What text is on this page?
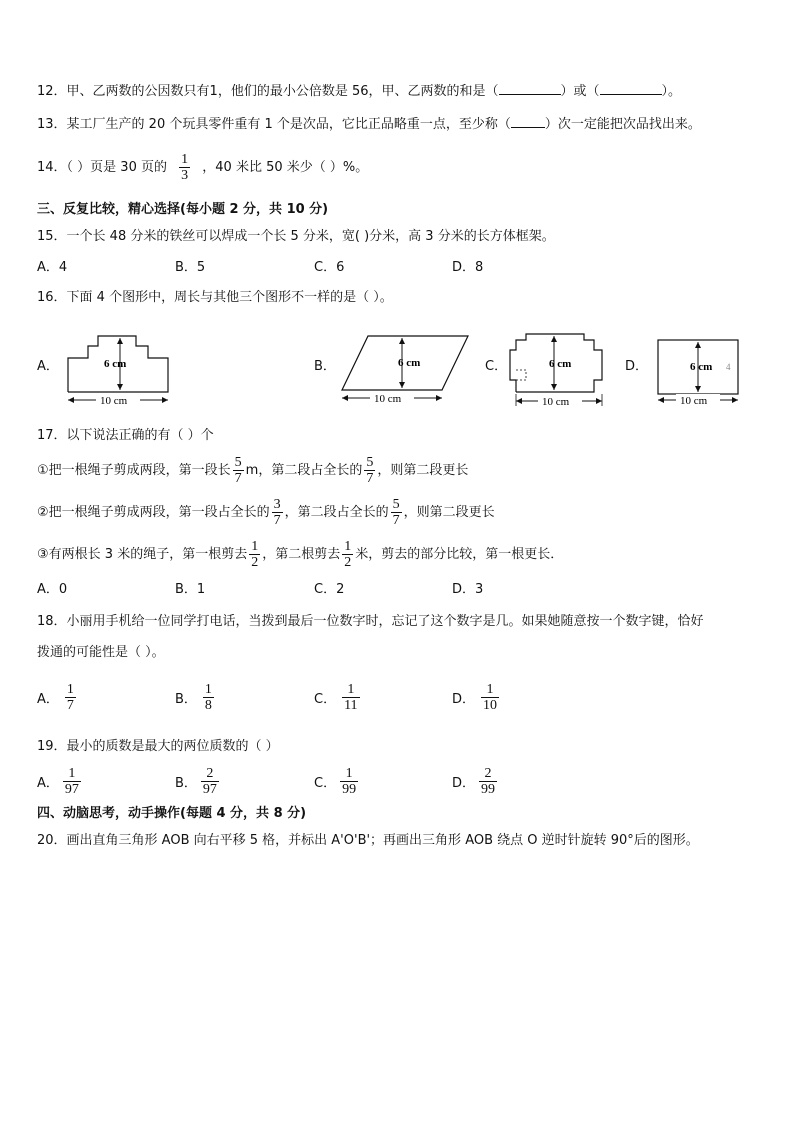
12．甲、乙两数的公因数只有1，他们的最小公倍数是 56，甲、乙两数的和是（	）或（	）。
13．某工厂生产的 20 个玩具零件重有 1 个是次品，它比正品略重一点，至少称（	）次一定能把次品找出来。
14．（ ）页是 30 页的 $\frac{1}{3}$ ，40 米比 50 米少（ ）%。
三、反复比较，精心选择(每小题 2 分，共 10 分)
15．一个长 48 分米的铁丝可以焊成一个长 5 分米，宽( )分米，高 3 分米的长方体框架。
A．4	B．5	C．6	D．8
16．下面 4 个图形中，周长与其他三个图形不一样的是（ ）。
A．	6 cm
10 cm
B．	6 cm
10 cm
C．	6 cm
10 cm
D．	6 cm 4
10 cm
17．以下说法正确的有（ ）个
①把一根绳子剪成两段，第一段长 $\frac{5}{7}$ m，第二段占全长的 $\frac{5}{7}$ ，则第二段更长
②把一根绳子剪成两段，第一段占全长的 $\frac{3}{7}$ ，第二段占全长的 $\frac{5}{7}$ ，则第二段更长
③有两根长 3 米的绳子，第一根剪去 $\frac{1}{2}$ ，第二根剪去 $\frac{1}{2}$ 米，剪去的部分比较，第一根更长．
A．0	B．1	C．2	D．3
18．小丽用手机给一位同学打电话，当拨到最后一位数字时，忘记了这个数字是几。如果她随意按一个数字键，恰好
拨通的可能性是（ ）。
A． $\frac{1}{7}$	B． $\frac{1}{8}$	C． $\frac{1}{11}$	D． $\frac{1}{10}$
19．最小的质数是最大的两位质数的（ ）
A． $\frac{1}{97}$	B． $\frac{2}{97}$	C． $\frac{1}{99}$	D． $\frac{2}{99}$
四、动脑思考，动手操作(每题 4 分，共 8 分)
20．画出直角三角形 AOB 向右平移 5 格，并标出 A'O'B'；再画出三角形 AOB 绕点 O 逆时针旋转 90°后的图形。
